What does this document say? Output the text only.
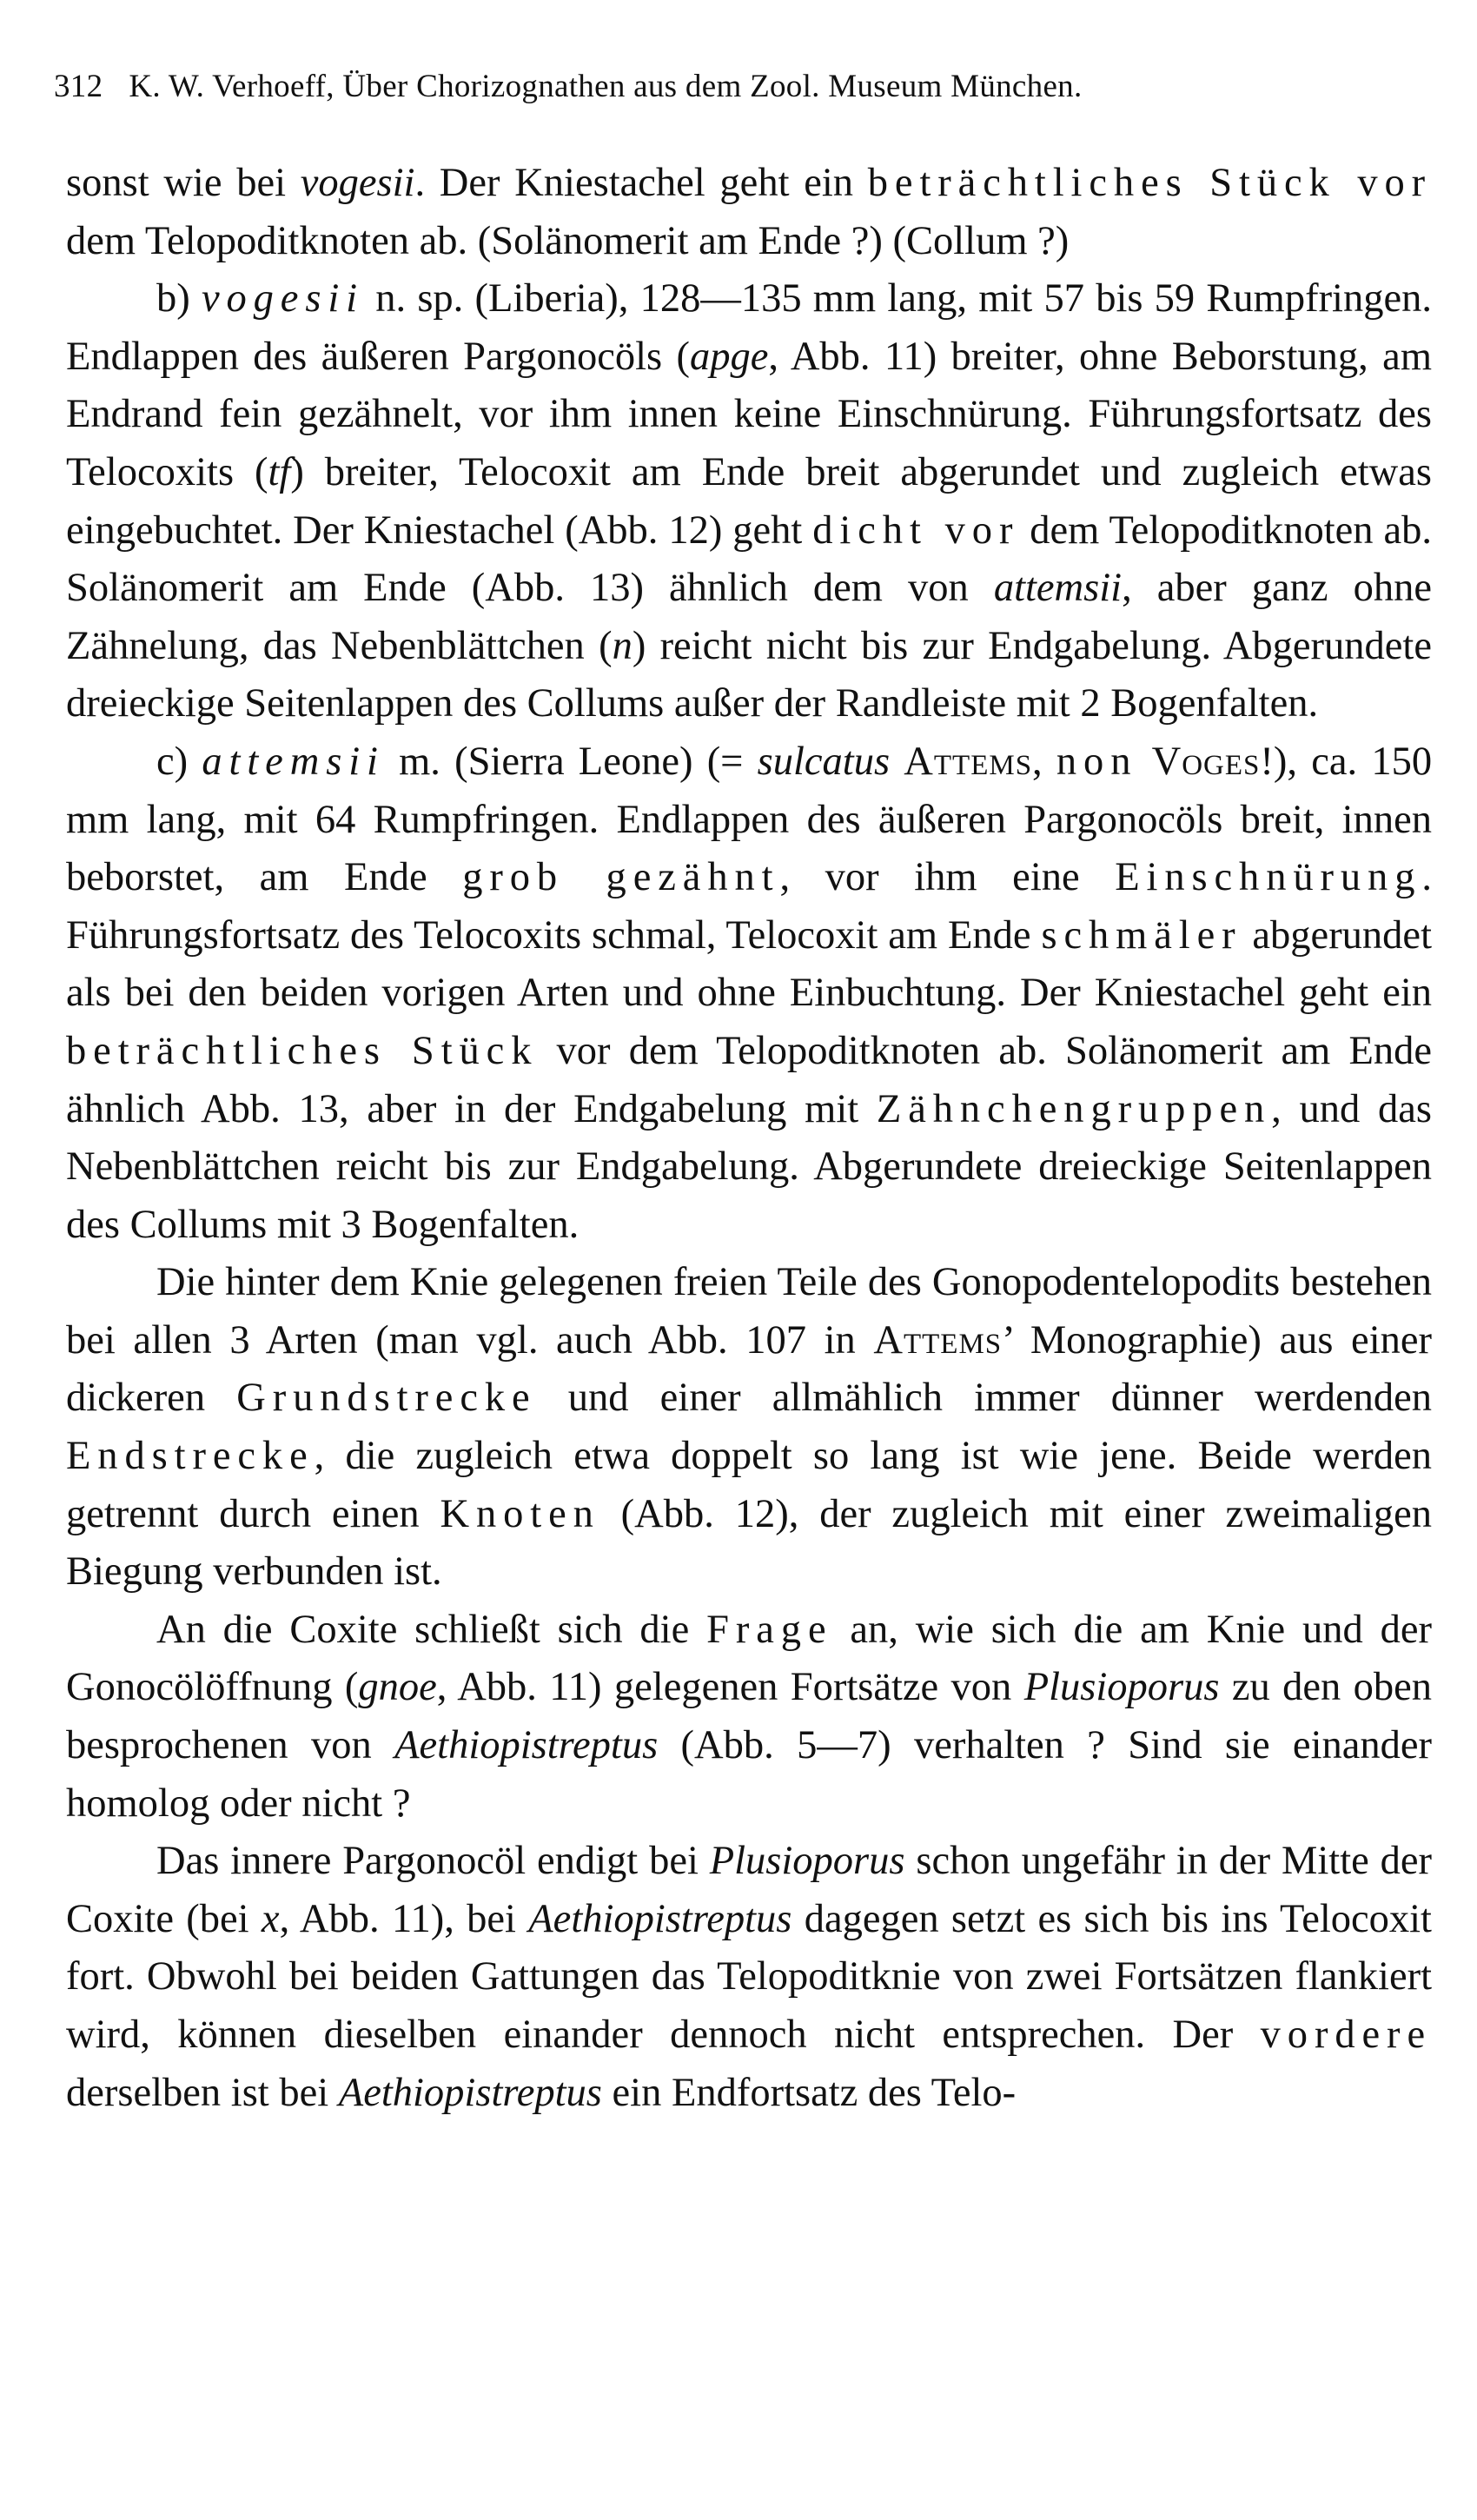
312 K. W. Verhoeff, Über Chorizognathen aus dem Zool. Museum München.

sonst wie bei vogesii. Der Kniestachel geht ein beträchtliches Stück vor dem Telopoditknoten ab. (Solänomerit am Ende ?) (Collum ?)

b) vogesii n. sp. (Liberia), 128—135 mm lang, mit 57 bis 59 Rumpfringen. Endlappen des äußeren Pargonocöls (apge, Abb. 11) breiter, ohne Beborstung, am Endrand fein gezähnelt, vor ihm innen keine Einschnürung. Führungsfortsatz des Telocoxits (tf) breiter, Telocoxit am Ende breit abgerundet und zugleich etwas eingebuchtet. Der Kniestachel (Abb. 12) geht dicht vor dem Telopoditknoten ab. Solänomerit am Ende (Abb. 13) ähnlich dem von attemsii, aber ganz ohne Zähnelung, das Nebenblättchen (n) reicht nicht bis zur Endgabelung. Abgerundete dreieckige Seitenlappen des Collums außer der Randleiste mit 2 Bogenfalten.

c) attemsii m. (Sierra Leone) (= sulcatus Attems, non Voges!), ca. 150 mm lang, mit 64 Rumpfringen. Endlappen des äußeren Pargonocöls breit, innen beborstet, am Ende grob gezähnt, vor ihm eine Einschnürung. Führungsfortsatz des Telocoxits schmal, Telocoxit am Ende schmäler abgerundet als bei den beiden vorigen Arten und ohne Einbuchtung. Der Kniestachel geht ein beträchtliches Stück vor dem Telopoditknoten ab. Solänomerit am Ende ähnlich Abb. 13, aber in der Endgabelung mit Zähnchengruppen, und das Nebenblättchen reicht bis zur Endgabelung. Abgerundete dreieckige Seitenlappen des Collums mit 3 Bogenfalten.

Die hinter dem Knie gelegenen freien Teile des Gonopodentelopodits bestehen bei allen 3 Arten (man vgl. auch Abb. 107 in Attems’ Monographie) aus einer dickeren Grundstrecke und einer allmählich immer dünner werdenden Endstrecke, die zugleich etwa doppelt so lang ist wie jene. Beide werden getrennt durch einen Knoten (Abb. 12), der zugleich mit einer zweimaligen Biegung verbunden ist.

An die Coxite schließt sich die Frage an, wie sich die am Knie und der Gonocölöffnung (gnoe, Abb. 11) gelegenen Fortsätze von Plusioporus zu den oben besprochenen von Aethiopistreptus (Abb. 5—7) verhalten ? Sind sie einander homolog oder nicht ?

Das innere Pargonocöl endigt bei Plusioporus schon ungefähr in der Mitte der Coxite (bei x, Abb. 11), bei Aethiopistreptus dagegen setzt es sich bis ins Telocoxit fort. Obwohl bei beiden Gattungen das Telopoditknie von zwei Fortsätzen flankiert wird, können dieselben einander dennoch nicht entsprechen. Der vordere derselben ist bei Aethiopistreptus ein Endfortsatz des Telo-
